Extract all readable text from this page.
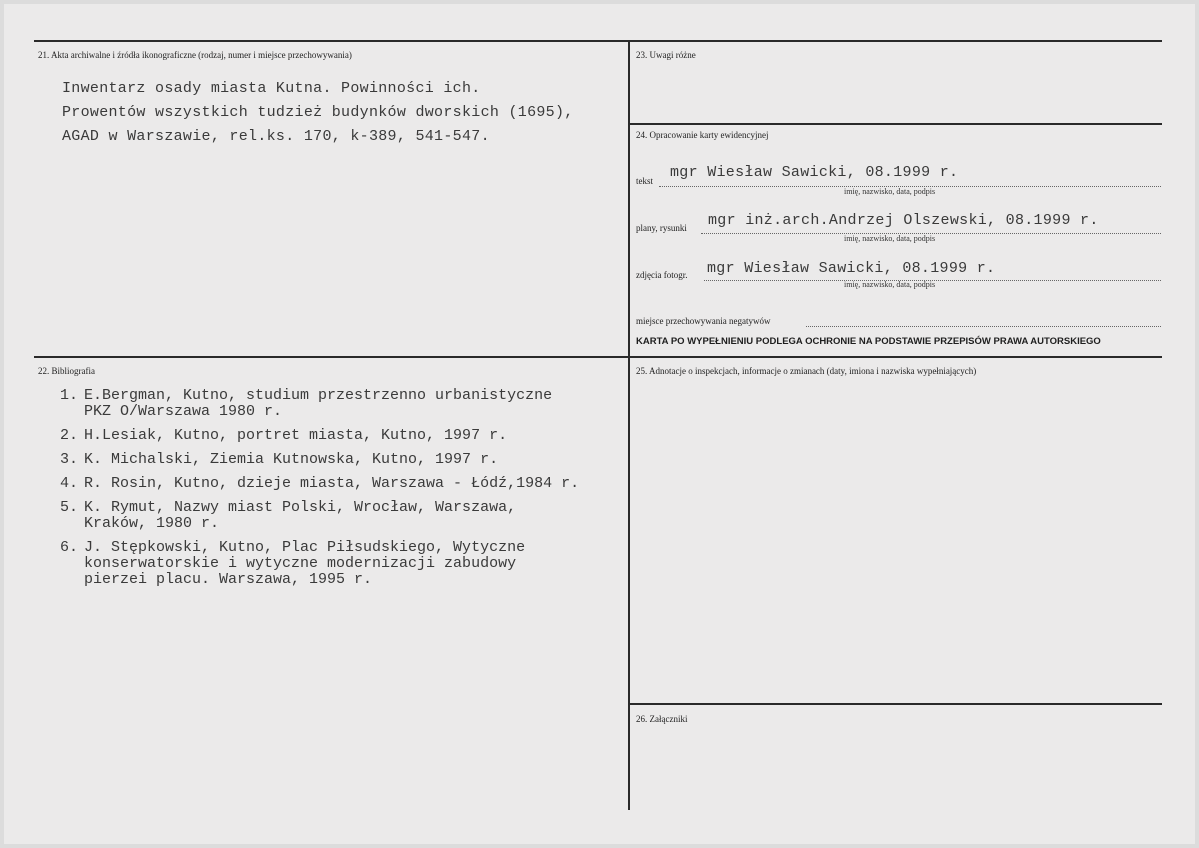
21. Akta archiwalne i źródła ikonograficzne (rodzaj, numer i miejsce przechowywania)
Inwentarz osady miasta Kutna. Powinności ich.
Prowentów wszystkich tudzież budynków dworskich (1695),
AGAD w Warszawie, rel.ks. 170, k-389, 541-547.
22. Bibliografia
1. E.Bergman, Kutno, studium przestrzenno urbanistyczne
PKZ O/Warszawa 1980 r.
2. H.Lesiak, Kutno, portret miasta, Kutno, 1997 r.
3. K. Michalski, Ziemia Kutnowska, Kutno, 1997 r.
4. R. Rosin, Kutno, dzieje miasta, Warszawa - Łódź,1984 r.
5. K. Rymut, Nazwy miast Polski, Wrocław, Warszawa,
Kraków, 1980 r.
6. J. Stępkowski, Kutno, Plac Piłsudskiego, Wytyczne
konserwatorskie i wytyczne modernizacji zabudowy
pierzei placu. Warszawa, 1995 r.
23. Uwagi różne
24. Opracowanie karty ewidencyjnej
tekst mgr Wiesław Sawicki, 08.1999 r.
imię, nazwisko, data, podpis
plany, rysunki mgr inż.arch.Andrzej Olszewski, 08.1999 r.
imię, nazwisko, data, podpis
zdjęcia fotogr. mgr Wiesław Sawicki, 08.1999 r.
imię, nazwisko, data, podpis
miejsce przechowywania negatywów
KARTA PO WYPEŁNIENIU PODLEGA OCHRONIE NA PODSTAWIE PRZEPISÓW PRAWA AUTORSKIEGO
25. Adnotacje o inspekcjach, informacje o zmianach (daty, imiona i nazwiska wypełniających)
26. Załączniki
